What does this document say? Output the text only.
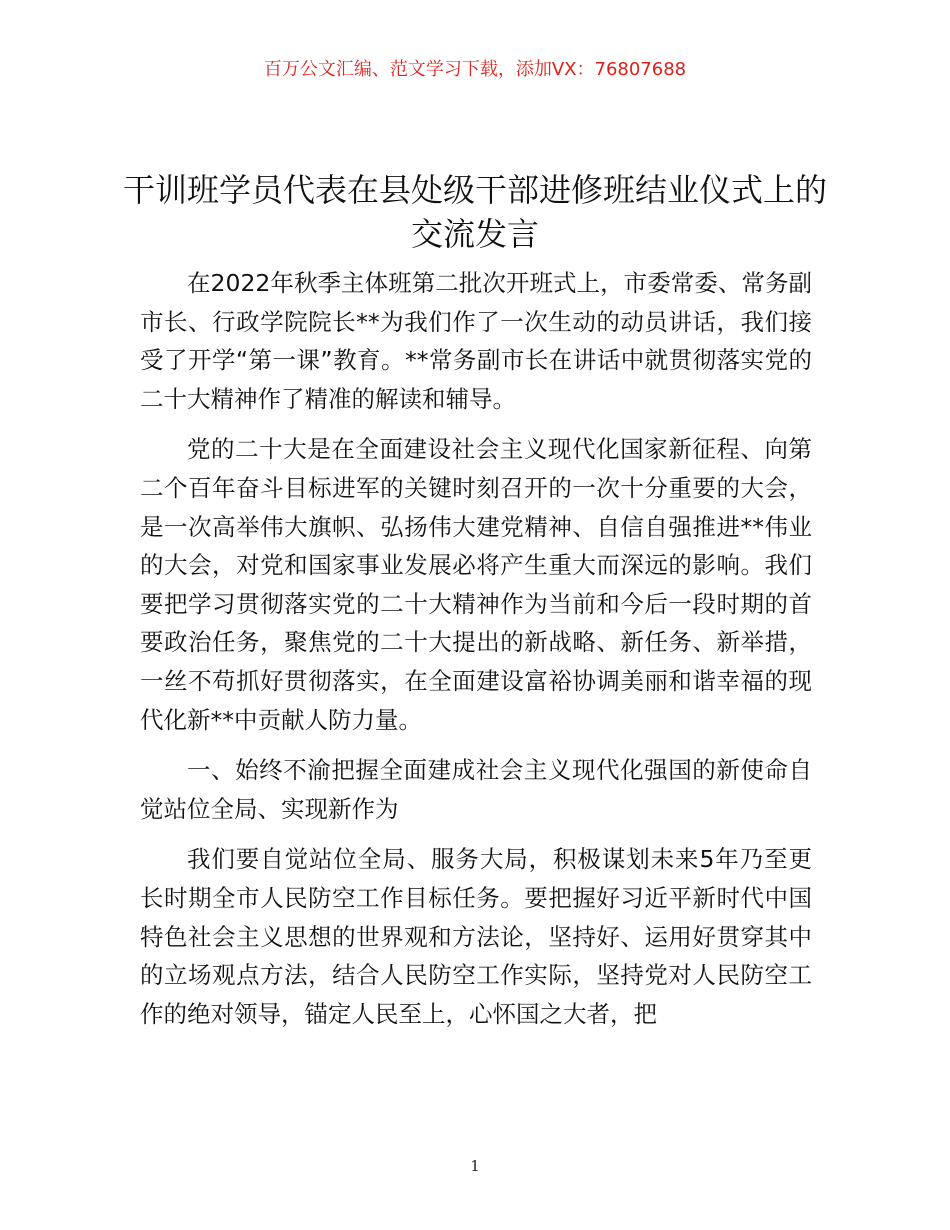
百万公文汇编、范文学习下载，添加VX：76807688
干训班学员代表在县处级干部进修班结业仪式上的交流发言

在2022年秋季主体班第二批次开班式上，市委常委、常务副市长、行政学院院长**为我们作了一次生动的动员讲话，我们接受了开学“第一课”教育。**常务副市长在讲话中就贯彻落实党的二十大精神作了精准的解读和辅导。

党的二十大是在全面建设社会主义现代化国家新征程、向第二个百年奋斗目标进军的关键时刻召开的一次十分重要的大会，是一次高举伟大旗帜、弘扬伟大建党精神、自信自强推进**伟业的大会，对党和国家事业发展必将产生重大而深远的影响。我们要把学习贯彻落实党的二十大精神作为当前和今后一段时期的首要政治任务，聚焦党的二十大提出的新战略、新任务、新举措，一丝不苟抓好贯彻落实，在全面建设富裕协调美丽和谐幸福的现代化新**中贡献人防力量。

一、始终不渝把握全面建成社会主义现代化强国的新使命自觉站位全局、实现新作为

我们要自觉站位全局、服务大局，积极谋划未来5年乃至更长时期全市人民防空工作目标任务。要把握好习近平新时代中国特色社会主义思想的世界观和方法论，坚持好、运用好贯穿其中的立场观点方法，结合人民防空工作实际，坚持党对人民防空工作的绝对领导，锚定人民至上，心怀国之大者，把

1
